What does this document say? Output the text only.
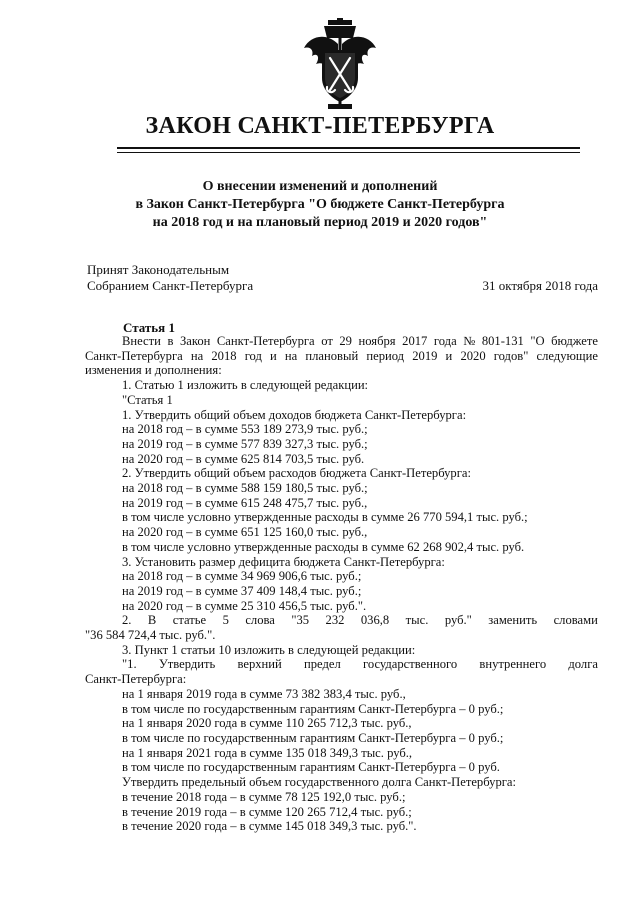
ЗАКОН САНКТ-ПЕТЕРБУРГА
О внесении изменений и дополнений
в Закон Санкт-Петербурга "О бюджете Санкт-Петербурга
на 2018 год и на плановый период 2019 и 2020 годов"
Принят Законодательным
Собранием Санкт-Петербурга	31 октября 2018 года
Статья 1
Внести в Закон Санкт-Петербурга от 29 ноября 2017 года № 801-131 "О бюджете
Санкт-Петербурга на 2018 год и на плановый период 2019 и 2020 годов" следующие
изменения и дополнения:
1. Статью 1 изложить в следующей редакции:
"Статья 1
1. Утвердить общий объем доходов бюджета Санкт-Петербурга:
на 2018 год – в сумме 553 189 273,9 тыс. руб.;
на 2019 год – в сумме 577 839 327,3 тыс. руб.;
на 2020 год – в сумме 625 814 703,5 тыс. руб.
2. Утвердить общий объем расходов бюджета Санкт-Петербурга:
на 2018 год – в сумме 588 159 180,5 тыс. руб.;
на 2019 год – в сумме 615 248 475,7 тыс. руб.,
в том числе условно утвержденные расходы в сумме 26 770 594,1 тыс. руб.;
на 2020 год – в сумме 651 125 160,0 тыс. руб.,
в том числе условно утвержденные расходы в сумме 62 268 902,4 тыс. руб.
3. Установить размер дефицита бюджета Санкт-Петербурга:
на 2018 год – в сумме 34 969 906,6 тыс. руб.;
на 2019 год – в сумме 37 409 148,4 тыс. руб.;
на 2020 год – в сумме 25 310 456,5 тыс. руб.".
2. В статье 5 слова "35 232 036,8 тыс. руб." заменить словами
"36 584 724,4 тыс. руб.".
3. Пункт 1 статьи 10 изложить в следующей редакции:
"1. Утвердить верхний предел государственного внутреннего долга
Санкт-Петербурга:
на 1 января 2019 года в сумме 73 382 383,4 тыс. руб.,
в том числе по государственным гарантиям Санкт-Петербурга – 0 руб.;
на 1 января 2020 года в сумме 110 265 712,3 тыс. руб.,
в том числе по государственным гарантиям Санкт-Петербурга – 0 руб.;
на 1 января 2021 года в сумме 135 018 349,3 тыс. руб.,
в том числе по государственным гарантиям Санкт-Петербурга – 0 руб.
Утвердить предельный объем государственного долга Санкт-Петербурга:
в течение 2018 года – в сумме 78 125 192,0 тыс. руб.;
в течение 2019 года – в сумме 120 265 712,4 тыс. руб.;
в течение 2020 года – в сумме 145 018 349,3 тыс. руб.".
